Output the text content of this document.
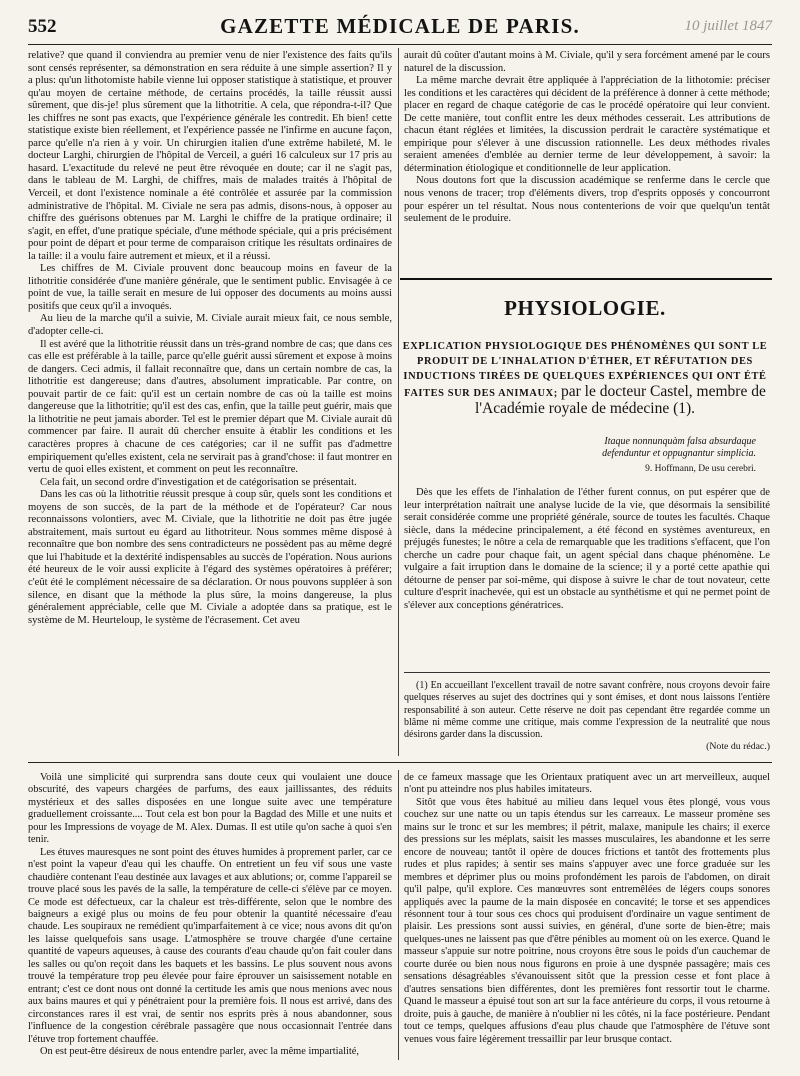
552	GAZETTE MÉDICALE DE PARIS.	10 juillet 1847

relative? que quand il conviendra au premier venu de nier l'existence des faits qu'ils sont censés représenter, sa démonstration en sera réduite à une simple assertion? Il y a plus: qu'un lithotomiste habile vienne lui opposer statistique à statistique, et prouver qu'au moyen de certaine méthode, de certains procédés, la taille réussit aussi sûrement, que dis-je! plus sûrement que la lithotritie. A cela, que répondra-t-il? Que les chiffres ne sont pas exacts, que l'expérience générale les contredit. Eh bien! cette statistique existe bien réellement, et l'expérience passée ne l'infirme en aucune façon, parce qu'elle n'a rien à y voir. Un chirurgien italien d'une extrême habileté, M. le docteur Larghi, chirurgien de l'hôpital de Verceil, a guéri 16 calculeux sur 17 pris au hasard. L'exactitude du relevé ne peut être révoquée en doute; car il ne s'agit pas, dans le tableau de M. Larghi, de chiffres, mais de malades traités à l'hôpital de Verceil, et dont l'existence nominale a été contrôlée et assurée par la commission administrative de l'hôpital. M. Civiale ne sera pas admis, disons-nous, à opposer au chiffre des guérisons obtenues par M. Larghi le chiffre de la pratique ordinaire; il s'agit, en effet, d'une pratique spéciale, d'une méthode spéciale, qui a pris précisément pour point de départ et pour terme de comparaison critique les résultats ordinaires de la taille: il a voulu faire autrement et mieux, et il a réussi.

Les chiffres de M. Civiale prouvent donc beaucoup moins en faveur de la lithotritie considérée d'une manière générale, que le sentiment public. Envisagée à ce point de vue, la taille serait en mesure de lui opposer des documents au moins aussi positifs que ceux qu'il a invoqués.

Au lieu de la marche qu'il a suivie, M. Civiale aurait mieux fait, ce nous semble, d'adopter celle-ci.

Il est avéré que la lithotritie réussit dans un très-grand nombre de cas; que dans ces cas elle est préférable à la taille, parce qu'elle guérit aussi sûrement et expose à moins de dangers. Ceci admis, il fallait reconnaître que, dans un certain nombre de cas, la lithotritie est dangereuse; dans d'autres, absolument impraticable. Par contre, on pouvait partir de ce fait: qu'il est un certain nombre de cas où la taille est moins dangereuse que la lithotritie; qu'il est des cas, enfin, que la taille peut guérir, mais que la lithotritie ne peut jamais aborder. Tel est le premier départ que M. Civiale aurait dû commencer par faire. Il aurait dû chercher ensuite à établir les conditions et les caractères propres à chacune de ces catégories; car il ne suffit pas d'admettre empiriquement qu'elles existent, cela ne servirait pas à grand'chose: il faut montrer en vertu de quoi elles existent, et comment on peut les reconnaître.

Cela fait, un second ordre d'investigation et de catégorisation se présentait.

Dans les cas où la lithotritie réussit presque à coup sûr, quels sont les conditions et moyens de son succès, de la part de la méthode et de l'opérateur? Car nous reconnaissons volontiers, avec M. Civiale, que la lithotritie ne doit pas être jugée abstraitement, mais surtout eu égard au lithotriteur. Nous sommes même disposé à reconnaître que bon nombre des sens contradicteurs ne possèdent pas au même degré que lui l'habitude et la dextérité indispensables au succès de l'opération. Nous aurions été heureux de le voir aussi explicite à l'égard des systèmes opératoires à préférer; c'eût été le complément nécessaire de sa déclaration. Or nous pouvons suppléer à son silence, en disant que la méthode la plus sûre, la moins dangereuse, la plus généralement appréciable, celle que M. Civiale a adoptée dans sa pratique, est le système de M. Heurteloup, le système de l'écrasement. Cet aveu

aurait dû coûter d'autant moins à M. Civiale, qu'il y sera forcément amené par le cours naturel de la discussion.

La même marche devrait être appliquée à l'appréciation de la lithotomie: préciser les conditions et les caractères qui décident de la préférence à donner à cette méthode; placer en regard de chaque catégorie de cas le procédé opératoire qui leur convient. De cette manière, tout conflit entre les deux méthodes cesserait. Les attributions de chacun étant réglées et limitées, la discussion perdrait le caractère systématique et empirique pour s'élever à une discussion rationnelle. Les deux méthodes rivales seraient amenées d'emblée au dernier terme de leur développement, à savoir: la détermination étiologique et conditionnelle de leur application.

Nous doutons fort que la discussion académique se renferme dans le cercle que nous venons de tracer; trop d'éléments divers, trop d'esprits opposés y concourront pour espérer un tel résultat. Nous nous contenterions de voir que quelqu'un tentât seulement de le produire.

PHYSIOLOGIE.

EXPLICATION PHYSIOLOGIQUE DES PHÉNOMÈNES QUI SONT LE PRODUIT DE L'INHALATION D'ÉTHER, ET RÉFUTATION DES INDUCTIONS TIRÉES DE QUELQUES EXPÉRIENCES QUI ONT ÉTÉ FAITES SUR DES ANIMAUX; par le docteur Castel, membre de l'Académie royale de médecine (1).

Itaque nonnunquàm falsa absurdaque
defenduntur et oppugnantur simplicia.
9. Hoffmann, De usu cerebri.

Dès que les effets de l'inhalation de l'éther furent connus, on put espérer que de leur interprétation naîtrait une analyse lucide de la vie, que désormais la sensibilité serait considérée comme une propriété générale, source de toutes les facultés. Chaque siècle, dans la médecine principalement, a été fécond en systèmes aventureux, en préjugés funestes; le nôtre a cela de remarquable que les traditions s'effacent, que l'on cherche un cadre pour chaque fait, un agent spécial dans chaque phénomène. Le vulgaire a fait irruption dans le domaine de la science; il y a porté cette apathie qui détourne de penser par soi-même, qui dispose à suivre le char de tout novateur, cette culture d'esprit inachevée, qui est un obstacle au synthétisme et qui ne permet point de s'élever aux conceptions génératrices.

(1) En accueillant l'excellent travail de notre savant confrère, nous croyons devoir faire quelques réserves au sujet des doctrines qui y sont émises, et dont nous laissons l'entière responsabilité à son auteur. Cette réserve ne doit pas cependant être regardée comme un blâme ni même comme une critique, mais comme l'expression de la neutralité que nous désirons garder dans la discussion.

(Note du rédac.)

Voilà une simplicité qui surprendra sans doute ceux qui voulaient une douce obscurité, des vapeurs chargées de parfums, des eaux jaillissantes, des réduits mystérieux et des salles disposées en une longue suite avec une température graduellement croissante.... Tout cela est bon pour la Bagdad des Mille et une nuits et pour les Impressions de voyage de M. Alex. Dumas. Il est utile qu'on sache à quoi s'en tenir.

Les étuves mauresques ne sont point des étuves humides à proprement parler, car ce n'est point la vapeur d'eau qui les chauffe. On entretient un feu vif sous une vaste chaudière contenant l'eau destinée aux lavages et aux ablutions; or, comme l'appareil se trouve placé sous les pavés de la salle, la température de celle-ci s'élève par ce moyen. Ce mode est défectueux, car la chaleur est très-différente, selon que le nombre des baigneurs a exigé plus ou moins de feu pour obtenir la quantité nécessaire d'eau chaude. Les soupiraux ne remédient qu'imparfaitement à ce vice; nous avons dit qu'on les laisse quelquefois sans usage. L'atmosphère se trouve chargée d'une certaine quantité de vapeurs aqueuses, à cause des courants d'eau chaude qu'on fait couler dans les salles ou qu'on reçoit dans les baquets et les bassins. Le plus souvent nous avons trouvé la température trop peu élevée pour faire éprouver un saisissement notable en entrant; c'est ce dont nous ont donné la certitude les amis que nous menions avec nous aux bains maures et qui y pénétraient pour la première fois. Il nous est arrivé, dans des circonstances rares il est vrai, de sentir nos esprits près à nous abandonner, sous l'influence de la congestion cérébrale passagère que nous occasionnait l'entrée dans l'étuve trop fortement chauffée.

On est peut-être désireux de nous entendre parler, avec la même impartialité,

de ce fameux massage que les Orientaux pratiquent avec un art merveilleux, auquel n'ont pu atteindre nos plus habiles imitateurs.

Sitôt que vous êtes habitué au milieu dans lequel vous êtes plongé, vous vous couchez sur une natte ou un tapis étendus sur les carreaux. Le masseur promène ses mains sur le tronc et sur les membres; il pétrit, malaxe, manipule les chairs; il exerce des pressions sur les méplats, saisit les masses musculaires, les abandonne et les serre encore de nouveau; tantôt il opère de douces frictions et tantôt des frottements plus rudes et plus rapides; à sentir ses mains s'appuyer avec une force graduée sur les membres et déprimer plus ou moins profondément les parois de l'abdomen, on dirait qu'il palpe, qu'il explore. Ces manœuvres sont entremêlées de légers coups sonores appliqués avec la paume de la main disposée en concavité; le torse et ses appendices résonnent tour à tour sous ces chocs qui produisent d'ordinaire un vague sentiment de plaisir. Les pressions sont aussi suivies, en général, d'une sorte de bien-être; mais quelques-unes ne laissent pas que d'être pénibles au moment où on les exerce. Quand le masseur s'appuie sur notre poitrine, nous croyons être sous le poids d'un cauchemar de courte durée ou bien nous nous figurons en proie à une dyspnée passagère; mais ces sensations désagréables s'évanouissent sitôt que la pression cesse et font place à d'autres sensations bien différentes, dont les premières font ressortir tout le charme. Quand le masseur a épuisé tout son art sur la face antérieure du corps, il vous retourne à droite, puis à gauche, de manière à n'oublier ni les côtés, ni la face postérieure. Pendant tout ce temps, quelques affusions d'eau plus chaude que l'atmosphère de l'étuve sont venues vous faire légèrement tressaillir par leur brusque contact.
